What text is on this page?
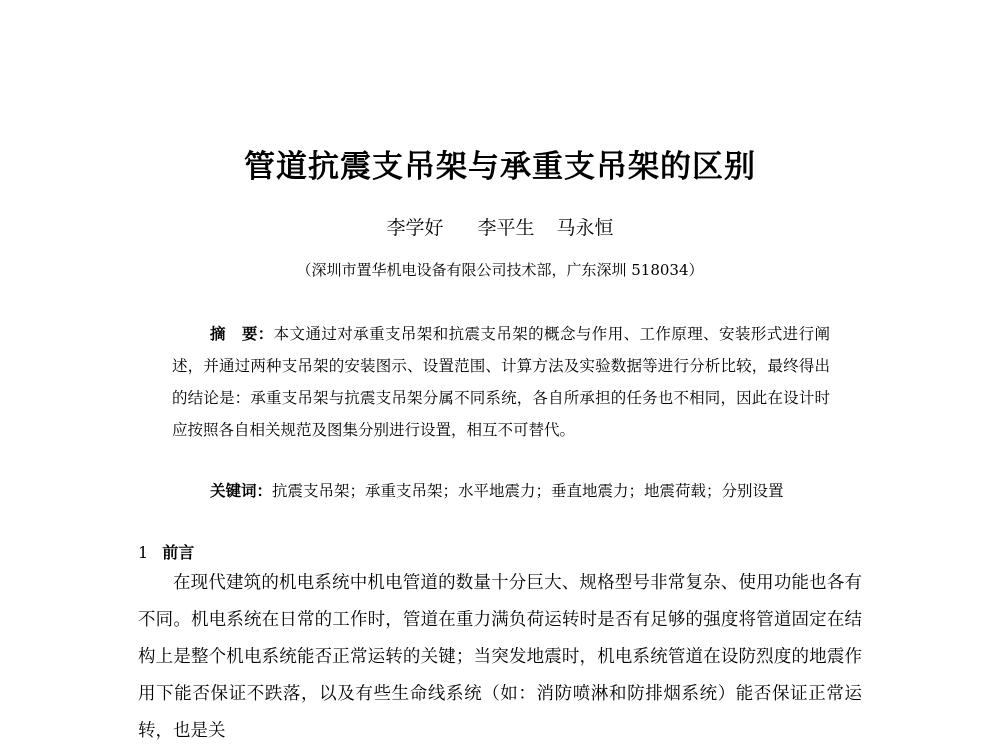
管道抗震支吊架与承重支吊架的区别
李学好 李平生 马永恒
（深圳市置华机电设备有限公司技术部，广东深圳 518034）
摘　要：本文通过对承重支吊架和抗震支吊架的概念与作用、工作原理、安装形式进行阐述，并通过两种支吊架的安装图示、设置范围、计算方法及实验数据等进行分析比较，最终得出的结论是：承重支吊架与抗震支吊架分属不同系统，各自所承担的任务也不相同，因此在设计时应按照各自相关规范及图集分别进行设置，相互不可替代。
关键词：抗震支吊架；承重支吊架；水平地震力；垂直地震力；地震荷载；分别设置
1 前言
在现代建筑的机电系统中机电管道的数量十分巨大、规格型号非常复杂、使用功能也各有不同。机电系统在日常的工作时，管道在重力满负荷运转时是否有足够的强度将管道固定在结构上是整个机电系统能否正常运转的关键；当突发地震时，机电系统管道在设防烈度的地震作用下能否保证不跌落，以及有些生命线系统（如：消防喷淋和防排烟系统）能否保证正常运转，也是关
